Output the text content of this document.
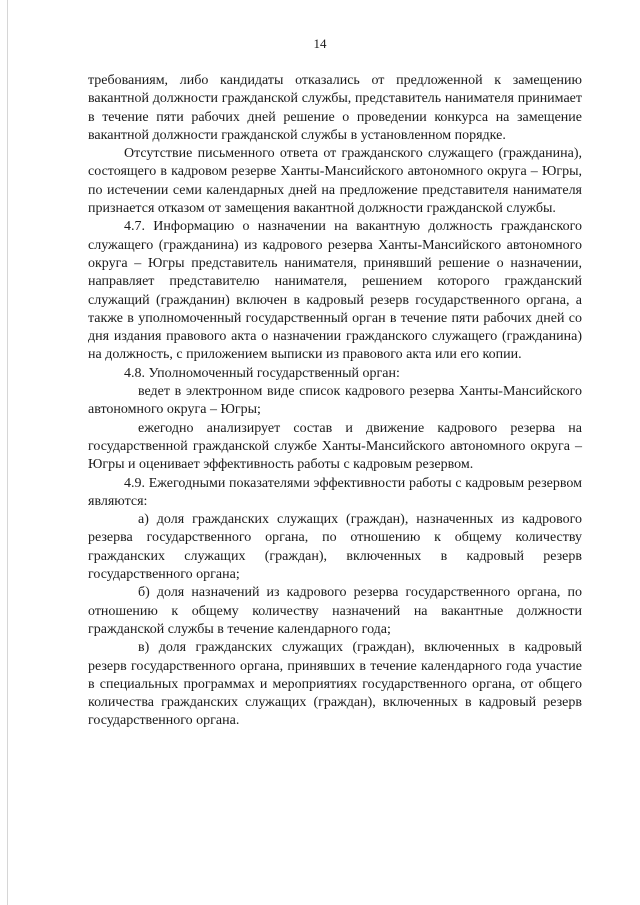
14

требованиям, либо кандидаты отказались от предложенной к замещению вакантной должности гражданской службы, представитель нанимателя принимает в течение пяти рабочих дней решение о проведении конкурса на замещение вакантной должности гражданской службы в установленном порядке.

Отсутствие письменного ответа от гражданского служащего (гражданина), состоящего в кадровом резерве Ханты-Мансийского автономного округа – Югры, по истечении семи календарных дней на предложение представителя нанимателя признается отказом от замещения вакантной должности гражданской службы.

4.7. Информацию о назначении на вакантную должность гражданского служащего (гражданина) из кадрового резерва Ханты-Мансийского автономного округа – Югры представитель нанимателя, принявший решение о назначении, направляет представителю нанимателя, решением которого гражданский служащий (гражданин) включен в кадровый резерв государственного органа, а также в уполномоченный государственный орган в течение пяти рабочих дней со дня издания правового акта о назначении гражданского служащего (гражданина) на должность, с приложением выписки из правового акта или его копии.

4.8. Уполномоченный государственный орган:

ведет в электронном виде список кадрового резерва Ханты-Мансийского автономного округа – Югры;

ежегодно анализирует состав и движение кадрового резерва на государственной гражданской службе Ханты-Мансийского автономного округа – Югры и оценивает эффективность работы с кадровым резервом.

4.9. Ежегодными показателями эффективности работы с кадровым резервом являются:

а) доля гражданских служащих (граждан), назначенных из кадрового резерва государственного органа, по отношению к общему количеству гражданских служащих (граждан), включенных в кадровый резерв государственного органа;

б) доля назначений из кадрового резерва государственного органа, по отношению к общему количеству назначений на вакантные должности гражданской службы в течение календарного года;

в) доля гражданских служащих (граждан), включенных в кадровый резерв государственного органа, принявших в течение календарного года участие в специальных программах и мероприятиях государственного органа, от общего количества гражданских служащих (граждан), включенных в кадровый резерв государственного органа.
